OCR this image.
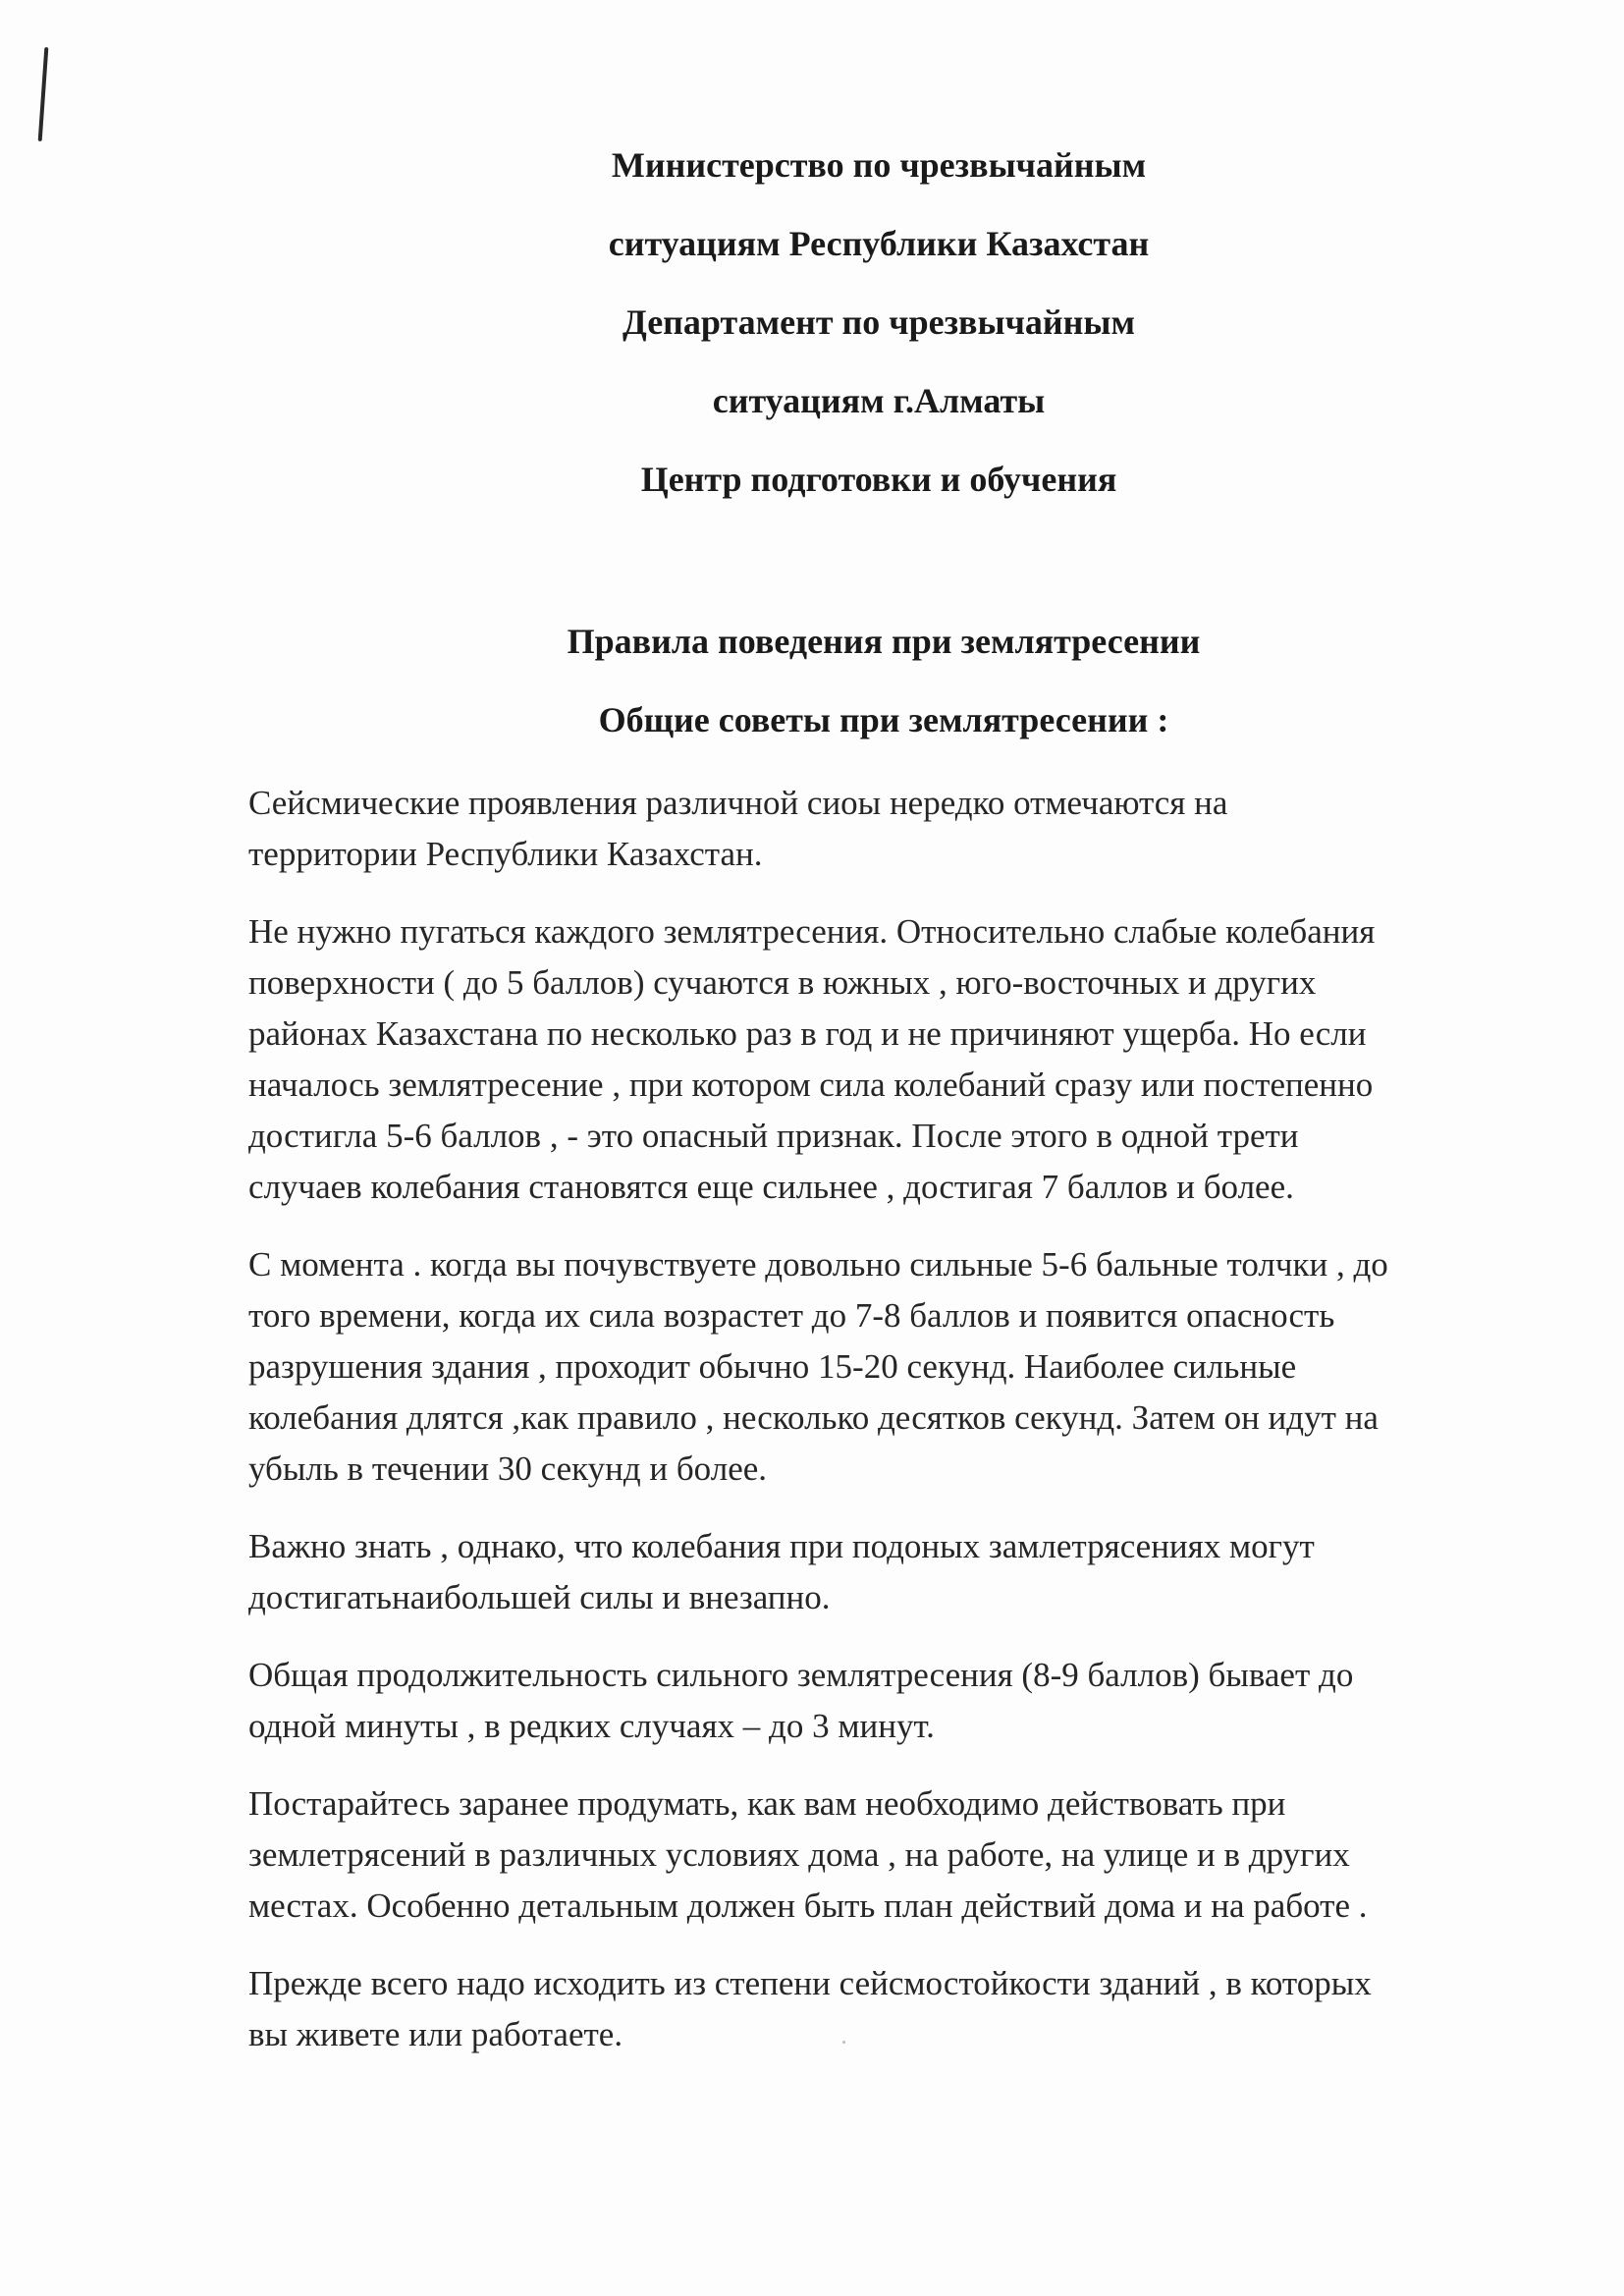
Министерство по чрезвычайным
ситуациям Республики Казахстан
Департамент по чрезвычайным
ситуациям г.Алматы
Центр подготовки и обучения
Правила поведения при землятресении
Общие советы при землятресении :

Сейсмические проявления различной сиоы нередко отмечаются на
территории Республики Казахстан.

Не нужно пугаться каждого землятресения. Относительно слабые колебания
поверхности ( до 5 баллов) сучаются в южных , юго-восточных и других
районах Казахстана по несколько раз в год и не причиняют ущерба. Но если
началось землятресение , при котором сила колебаний сразу или постепенно
достигла 5-6 баллов , - это опасный признак. После этого в одной трети
случаев колебания становятся еще сильнее , достигая 7 баллов и более.

С момента . когда вы почувствуете довольно сильные 5-6 бальные толчки , до
того времени, когда их сила возрастет до 7-8 баллов и появится опасность
разрушения здания , проходит обычно 15-20 секунд. Наиболее сильные
колебания длятся ,как правило , несколько десятков секунд. Затем он идут на
убыль в течении 30 секунд и более.

Важно знать , однако, что колебания при подоных замлетрясениях могут
достигатьнаибольшей силы и внезапно.

Общая продолжительность сильного землятресения (8-9 баллов) бывает до
одной минуты , в редких случаях – до 3 минут.

Постарайтесь заранее продумать, как вам необходимо действовать при
землетрясений в различных условиях дома , на работе, на улице и в других
местах. Особенно детальным должен быть план действий дома и на работе .

Прежде всего надо исходить из степени сейсмостойкости зданий , в которых
вы живете или работаете.
